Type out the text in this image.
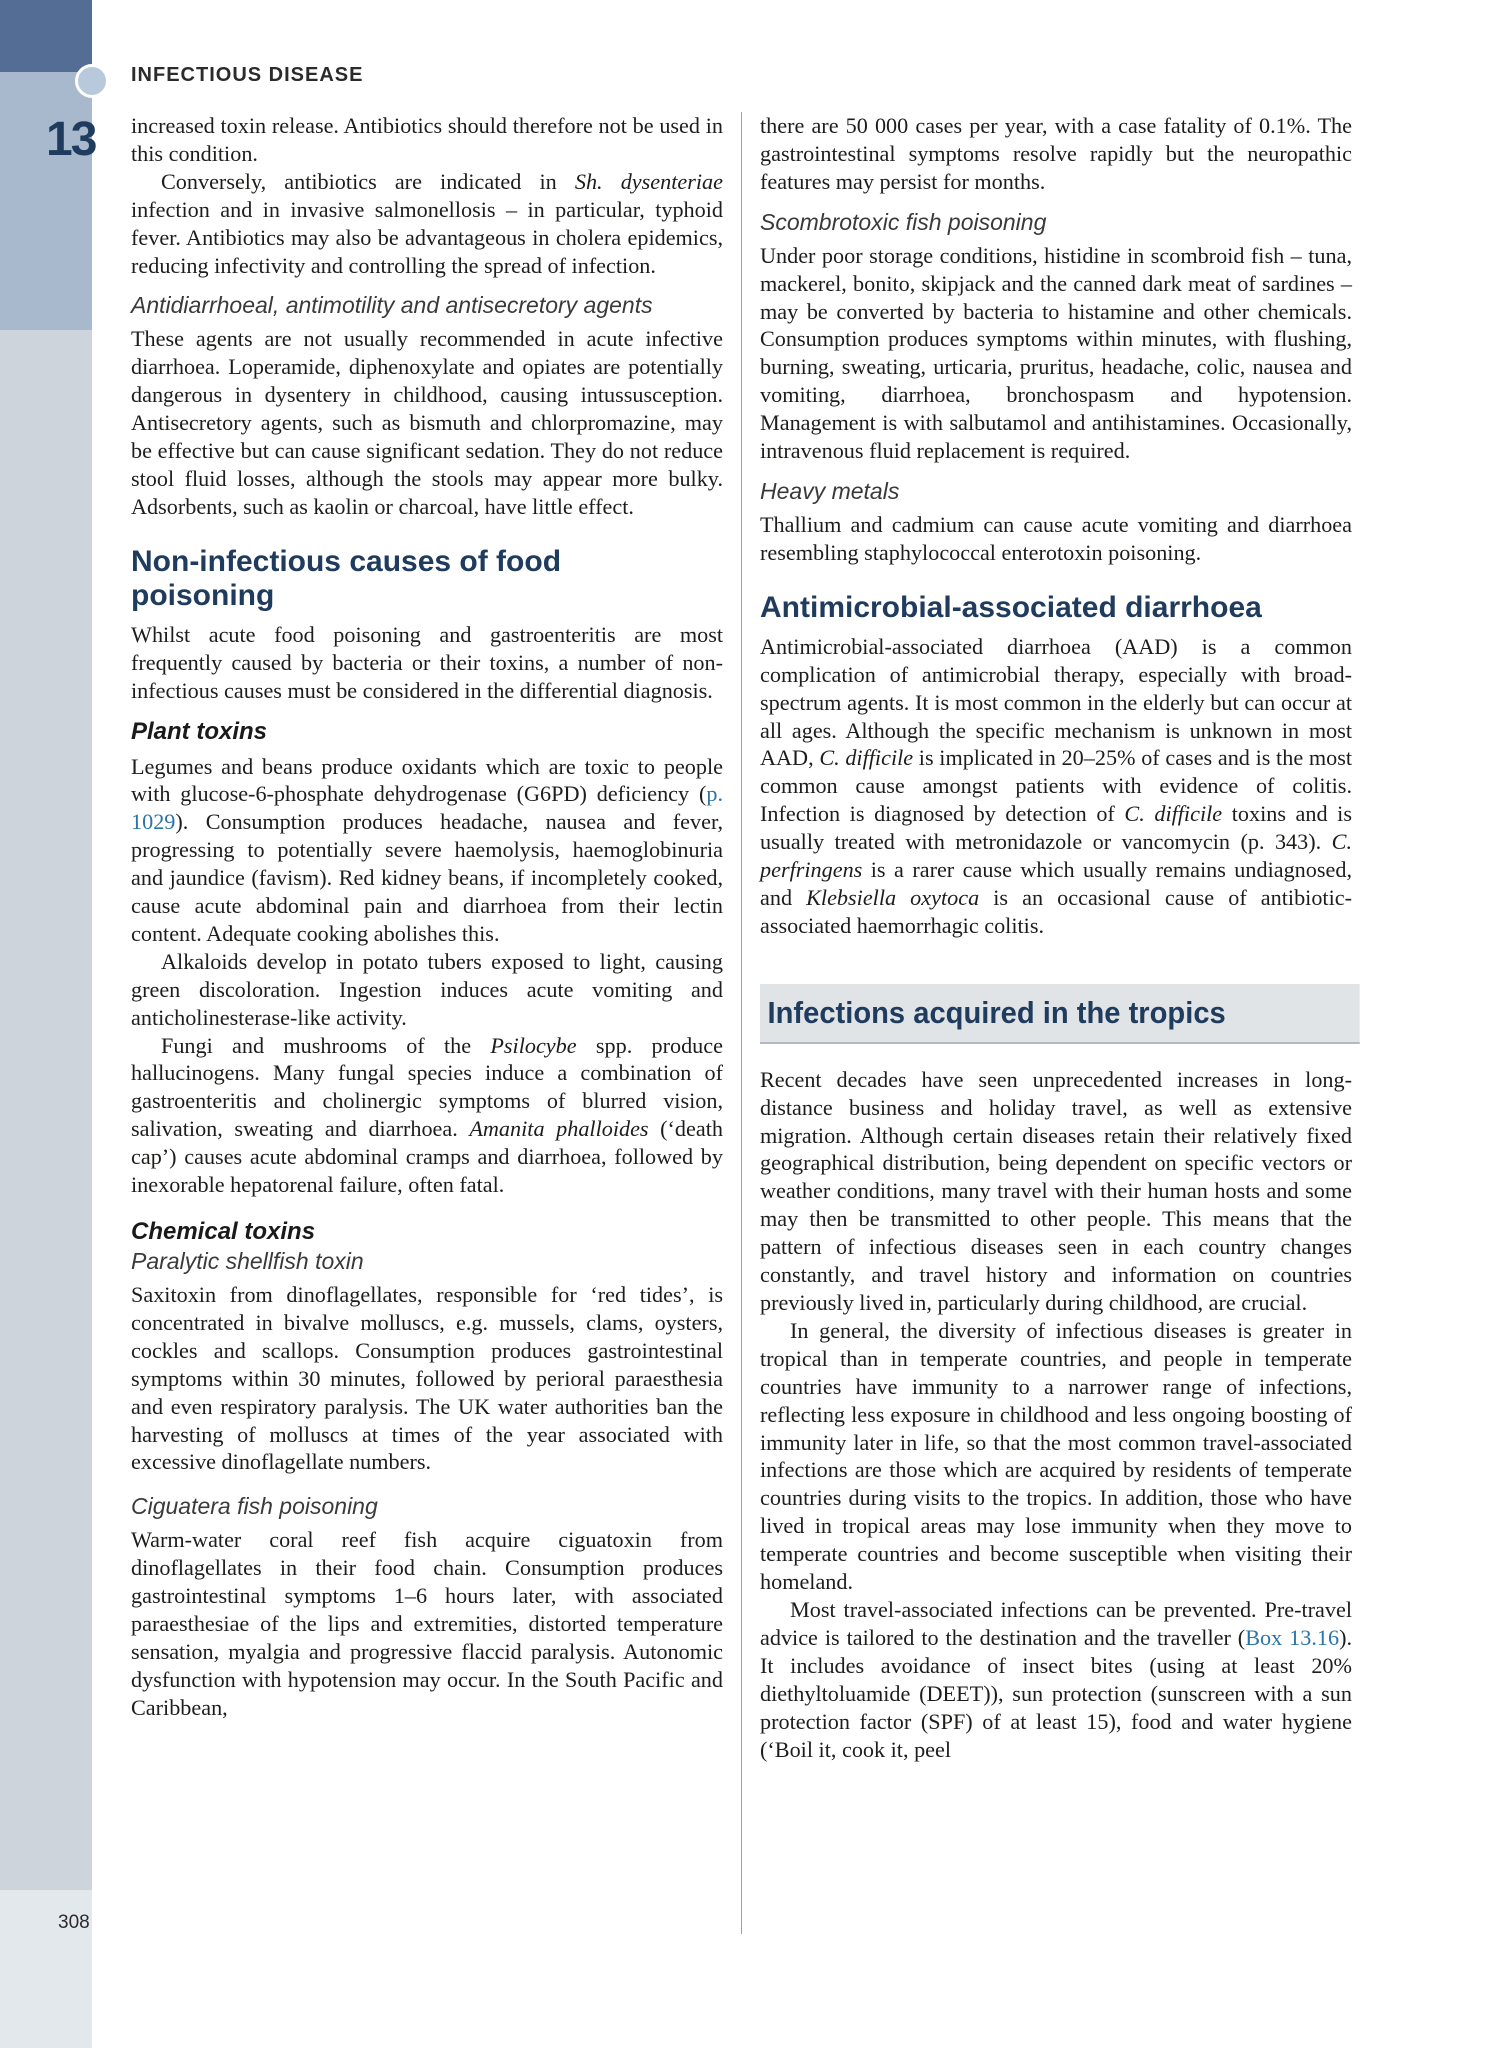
INFECTIOUS DISEASE
13
308

increased toxin release. Antibiotics should therefore not be used in this condition.

Conversely, antibiotics are indicated in Sh. dysenteriae infection and in invasive salmonellosis – in particular, typhoid fever. Antibiotics may also be advantageous in cholera epidemics, reducing infectivity and controlling the spread of infection.

Antidiarrhoeal, antimotility and antisecretory agents

These agents are not usually recommended in acute infective diarrhoea. Loperamide, diphenoxylate and opiates are potentially dangerous in dysentery in childhood, causing intussusception. Antisecretory agents, such as bismuth and chlorpromazine, may be effective but can cause significant sedation. They do not reduce stool fluid losses, although the stools may appear more bulky. Adsorbents, such as kaolin or charcoal, have little effect.

Non-infectious causes of food poisoning

Whilst acute food poisoning and gastroenteritis are most frequently caused by bacteria or their toxins, a number of non-infectious causes must be considered in the differential diagnosis.

Plant toxins

Legumes and beans produce oxidants which are toxic to people with glucose-6-phosphate dehydrogenase (G6PD) deficiency (p. 1029). Consumption produces headache, nausea and fever, progressing to potentially severe haemolysis, haemoglobinuria and jaundice (favism). Red kidney beans, if incompletely cooked, cause acute abdominal pain and diarrhoea from their lectin content. Adequate cooking abolishes this.

Alkaloids develop in potato tubers exposed to light, causing green discoloration. Ingestion induces acute vomiting and anticholinesterase-like activity.

Fungi and mushrooms of the Psilocybe spp. produce hallucinogens. Many fungal species induce a combination of gastroenteritis and cholinergic symptoms of blurred vision, salivation, sweating and diarrhoea. Amanita phalloides (‘death cap’) causes acute abdominal cramps and diarrhoea, followed by inexorable hepatorenal failure, often fatal.

Chemical toxins
Paralytic shellfish toxin

Saxitoxin from dinoflagellates, responsible for ‘red tides’, is concentrated in bivalve molluscs, e.g. mussels, clams, oysters, cockles and scallops. Consumption produces gastrointestinal symptoms within 30 minutes, followed by perioral paraesthesia and even respiratory paralysis. The UK water authorities ban the harvesting of molluscs at times of the year associated with excessive dinoflagellate numbers.

Ciguatera fish poisoning

Warm-water coral reef fish acquire ciguatoxin from dinoflagellates in their food chain. Consumption produces gastrointestinal symptoms 1–6 hours later, with associated paraesthesiae of the lips and extremities, distorted temperature sensation, myalgia and progressive flaccid paralysis. Autonomic dysfunction with hypotension may occur. In the South Pacific and Caribbean,

there are 50 000 cases per year, with a case fatality of 0.1%. The gastrointestinal symptoms resolve rapidly but the neuropathic features may persist for months.

Scombrotoxic fish poisoning

Under poor storage conditions, histidine in scombroid fish – tuna, mackerel, bonito, skipjack and the canned dark meat of sardines – may be converted by bacteria to histamine and other chemicals. Consumption produces symptoms within minutes, with flushing, burning, sweating, urticaria, pruritus, headache, colic, nausea and vomiting, diarrhoea, bronchospasm and hypotension. Management is with salbutamol and antihistamines. Occasionally, intravenous fluid replacement is required.

Heavy metals

Thallium and cadmium can cause acute vomiting and diarrhoea resembling staphylococcal enterotoxin poisoning.

Antimicrobial-associated diarrhoea

Antimicrobial-associated diarrhoea (AAD) is a common complication of antimicrobial therapy, especially with broad-spectrum agents. It is most common in the elderly but can occur at all ages. Although the specific mechanism is unknown in most AAD, C. difficile is implicated in 20–25% of cases and is the most common cause amongst patients with evidence of colitis. Infection is diagnosed by detection of C. difficile toxins and is usually treated with metronidazole or vancomycin (p. 343). C. perfringens is a rarer cause which usually remains undiagnosed, and Klebsiella oxytoca is an occasional cause of antibiotic-associated haemorrhagic colitis.

Infections acquired in the tropics

Recent decades have seen unprecedented increases in long-distance business and holiday travel, as well as extensive migration. Although certain diseases retain their relatively fixed geographical distribution, being dependent on specific vectors or weather conditions, many travel with their human hosts and some may then be transmitted to other people. This means that the pattern of infectious diseases seen in each country changes constantly, and travel history and information on countries previously lived in, particularly during childhood, are crucial.

In general, the diversity of infectious diseases is greater in tropical than in temperate countries, and people in temperate countries have immunity to a narrower range of infections, reflecting less exposure in childhood and less ongoing boosting of immunity later in life, so that the most common travel-associated infections are those which are acquired by residents of temperate countries during visits to the tropics. In addition, those who have lived in tropical areas may lose immunity when they move to temperate countries and become susceptible when visiting their homeland.

Most travel-associated infections can be prevented. Pre-travel advice is tailored to the destination and the traveller (Box 13.16). It includes avoidance of insect bites (using at least 20% diethyltoluamide (DEET)), sun protection (sunscreen with a sun protection factor (SPF) of at least 15), food and water hygiene (‘Boil it, cook it, peel
